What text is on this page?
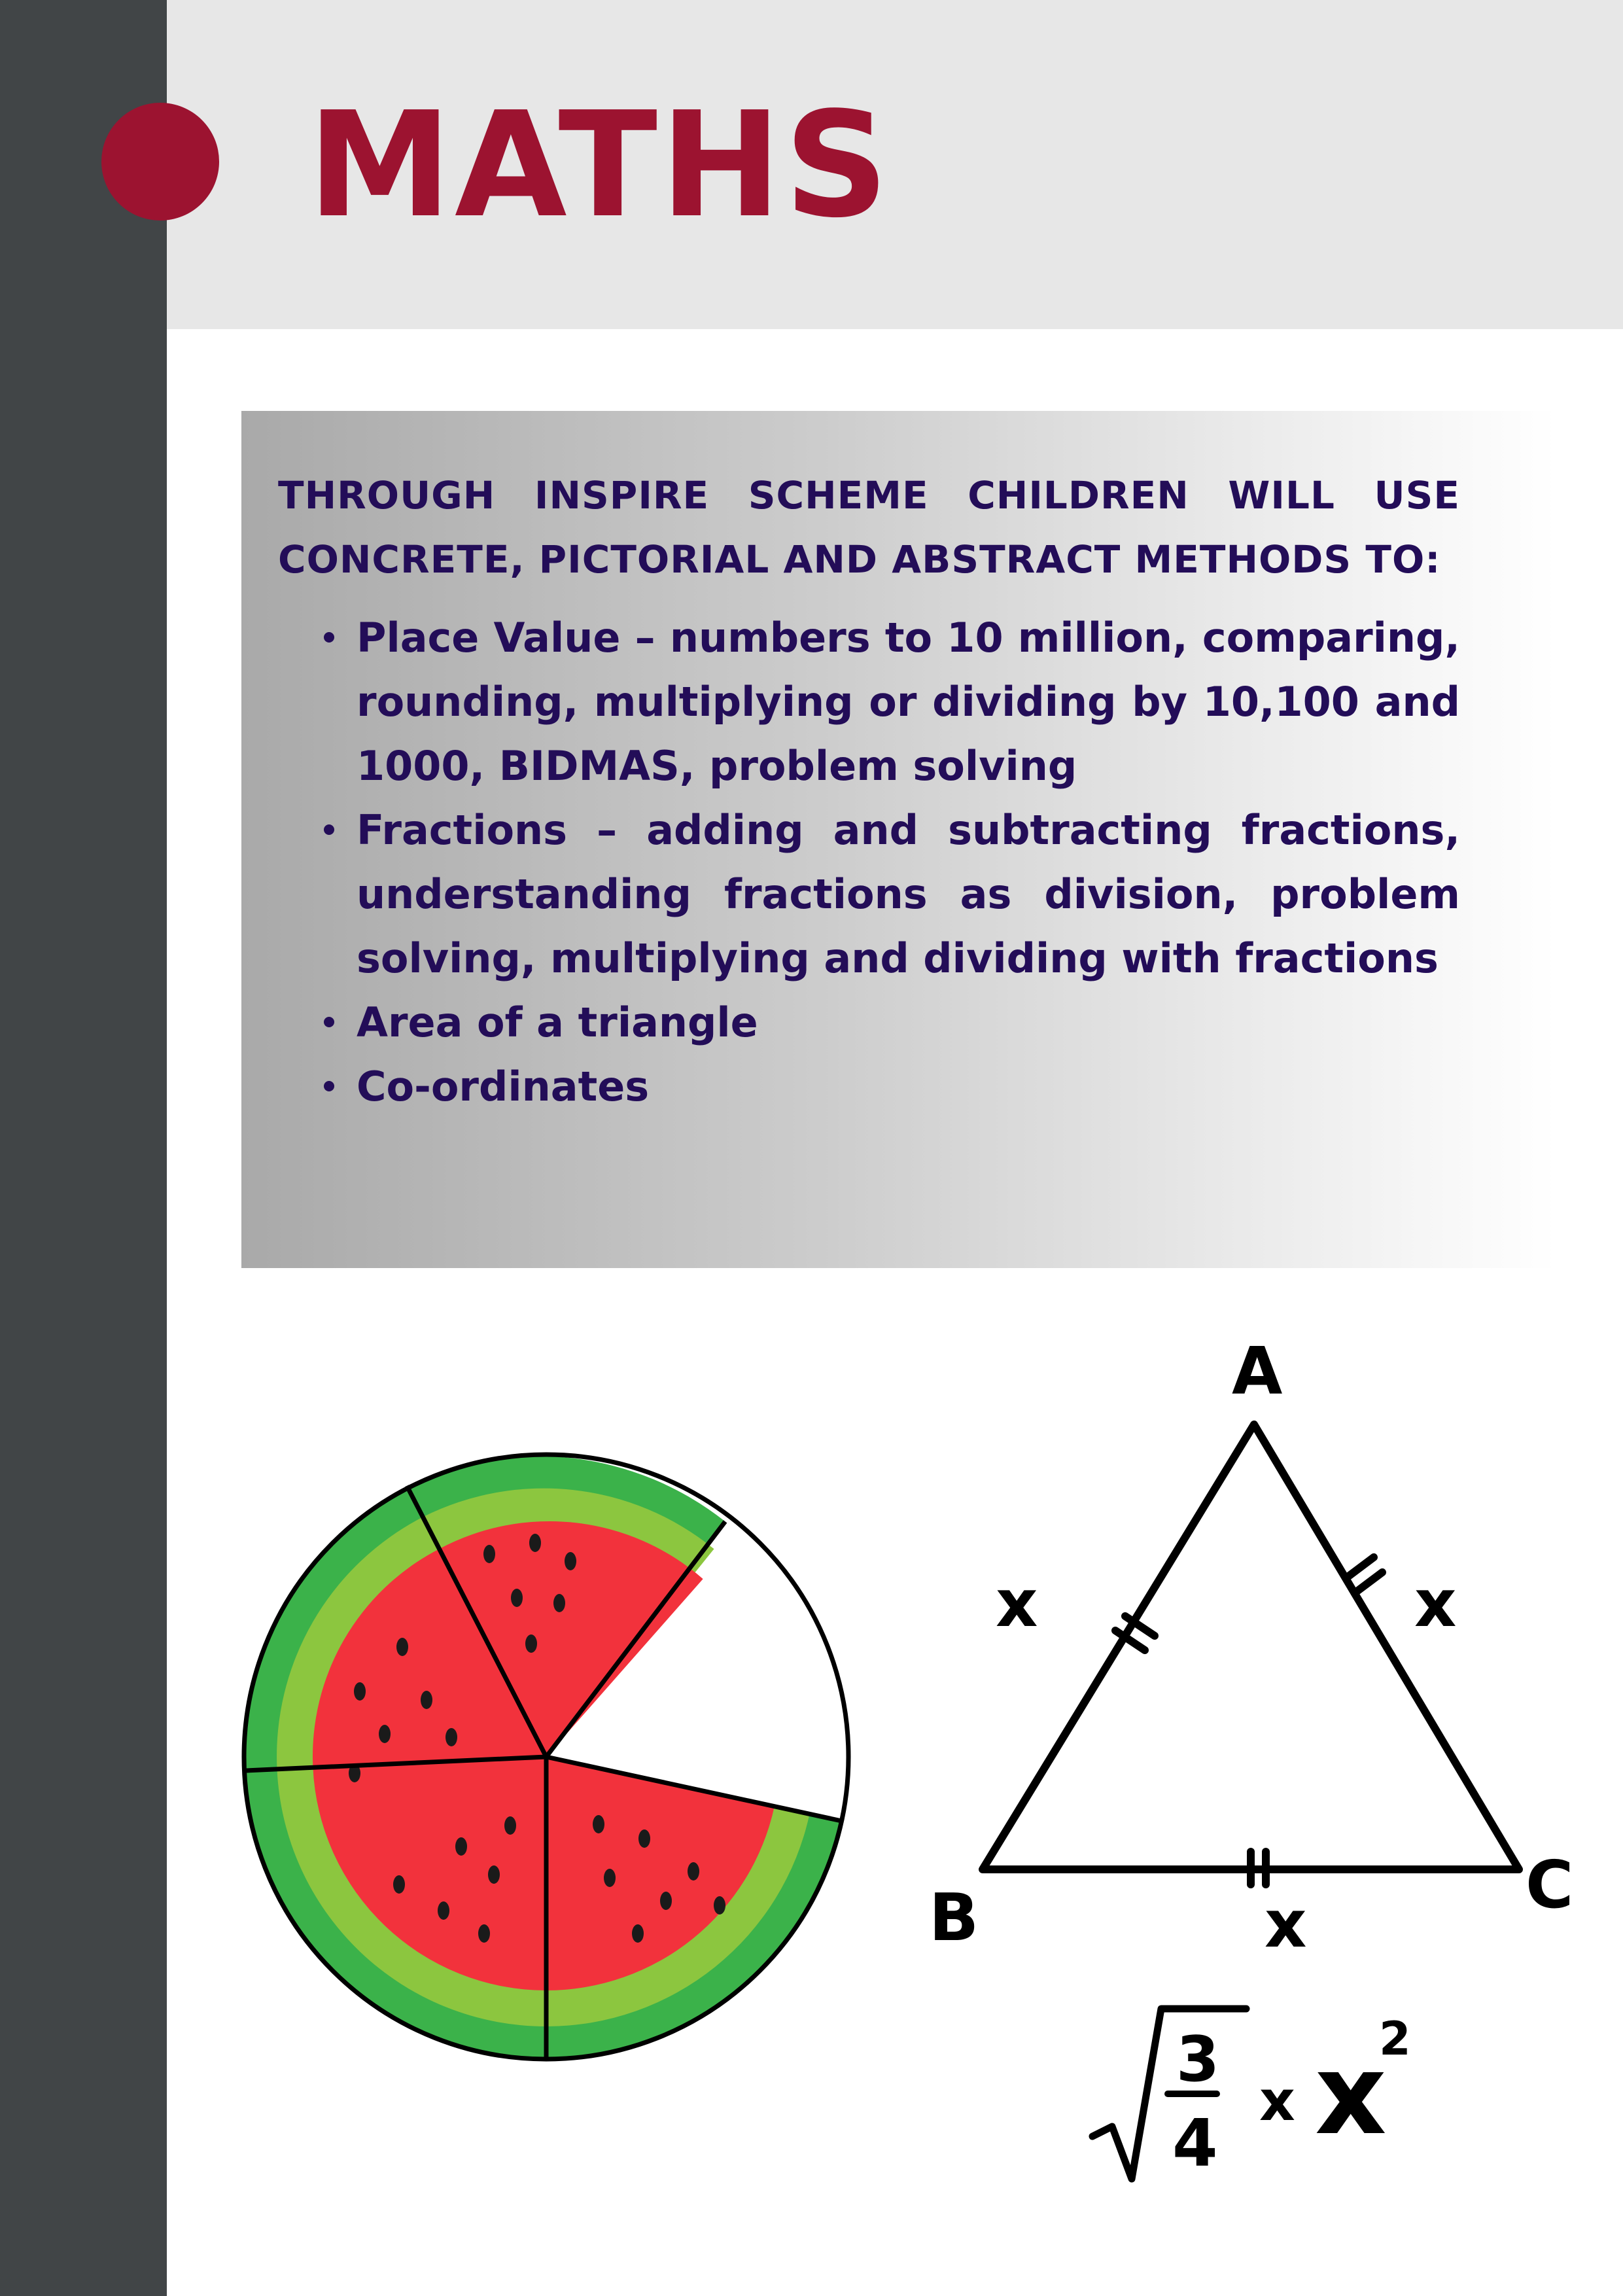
MATHS

THROUGH INSPIRE SCHEME CHILDREN WILL USE CONCRETE, PICTORIAL AND ABSTRACT METHODS TO:

Place Value – numbers to 10 million, comparing, rounding, multiplying or dividing by 10,100 and 1000, BIDMAS, problem solving
Fractions – adding and subtracting fractions, understanding fractions as division, problem solving, multiplying and dividing with fractions
Area of a triangle
Co-ordinates
A
B	C
x	x
x
3
4
x x
2
